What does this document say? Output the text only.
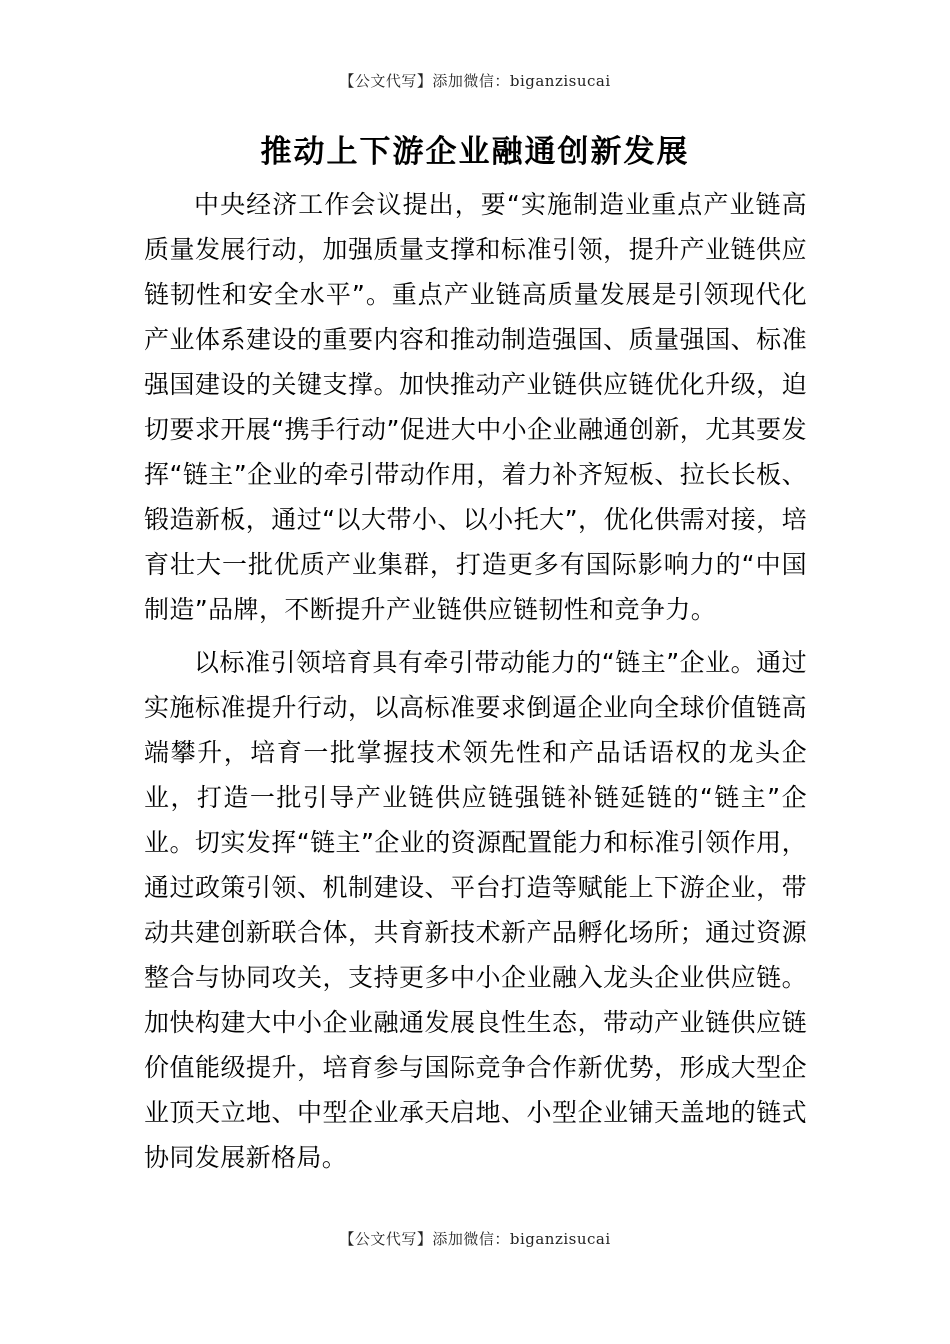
【公文代写】添加微信：biganzisucai
推动上下游企业融通创新发展

中央经济工作会议提出，要“实施制造业重点产业链高质量发展行动，加强质量支撑和标准引领，提升产业链供应链韧性和安全水平”。重点产业链高质量发展是引领现代化产业体系建设的重要内容和推动制造强国、质量强国、标准强国建设的关键支撑。加快推动产业链供应链优化升级，迫切要求开展“携手行动”促进大中小企业融通创新，尤其要发挥“链主”企业的牵引带动作用，着力补齐短板、拉长长板、锻造新板，通过“以大带小、以小托大”，优化供需对接，培育壮大一批优质产业集群，打造更多有国际影响力的“中国制造”品牌，不断提升产业链供应链韧性和竞争力。

以标准引领培育具有牵引带动能力的“链主”企业。通过实施标准提升行动，以高标准要求倒逼企业向全球价值链高端攀升，培育一批掌握技术领先性和产品话语权的龙头企业，打造一批引导产业链供应链强链补链延链的“链主”企业。切实发挥“链主”企业的资源配置能力和标准引领作用，通过政策引领、机制建设、平台打造等赋能上下游企业，带动共建创新联合体，共育新技术新产品孵化场所；通过资源整合与协同攻关，支持更多中小企业融入龙头企业供应链。加快构建大中小企业融通发展良性生态，带动产业链供应链价值能级提升，培育参与国际竞争合作新优势，形成大型企业顶天立地、中型企业承天启地、小型企业铺天盖地的链式协同发展新格局。

【公文代写】添加微信：biganzisucai
